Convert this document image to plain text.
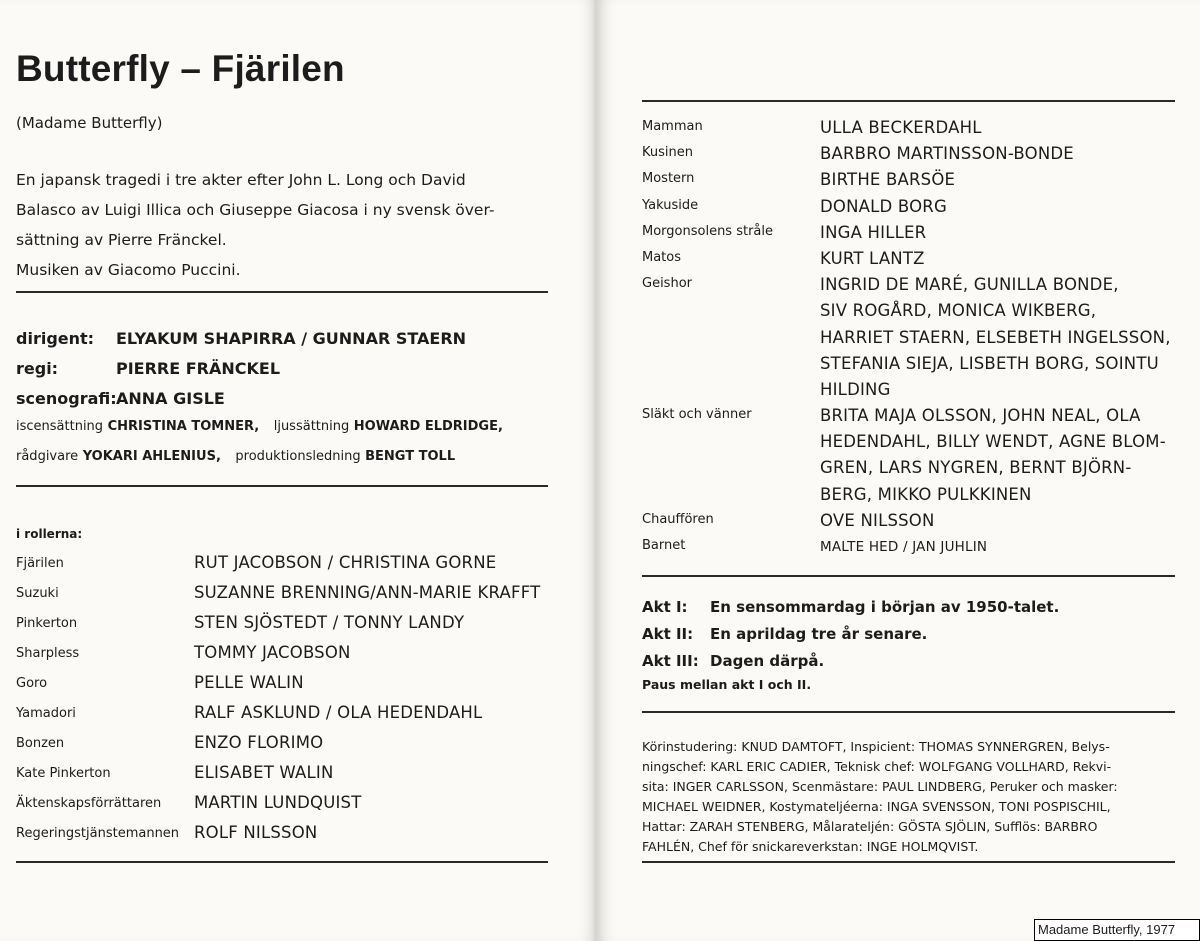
Butterfly – Fjärilen
(Madame Butterfly)
En japansk tragedi i tre akter efter John L. Long och David
Balasco av Luigi Illica och Giuseppe Giacosa i ny svensk över-
sättning av Pierre Fränckel.
Musiken av Giacomo Puccini.
dirigent: ELYAKUM SHAPIRRA / GUNNAR STAERN
regi:	PIERRE FRÄNCKEL
scenografi:ANNA GISLE
iscensättning CHRISTINA TOMNER, ljussättning HOWARD ELDRIDGE,
rådgivare YOKARI AHLENIUS, produktionsledning BENGT TOLL
i rollerna:
Fjärilen	RUT JACOBSON / CHRISTINA GORNE
Suzuki	SUZANNE BRENNING/ANN-MARIE KRAFFT
Pinkerton	STEN SJÖSTEDT / TONNY LANDY
Sharpless	TOMMY JACOBSON
Goro	PELLE WALIN
Yamadori	RALF ASKLUND / OLA HEDENDAHL
Bonzen	ENZO FLORIMO
Kate Pinkerton	ELISABET WALIN
Äktenskapsförrättaren MARTIN LUNDQUIST
Regeringstjänstemannen ROLF NILSSON
Mamman	ULLA BECKERDAHL
Kusinen	BARBRO MARTINSSON-BONDE
Mostern	BIRTHE BARSÖE
Yakuside	DONALD BORG
Morgonsolens stråle	INGA HILLER
Matos	KURT LANTZ
Geishor	INGRID DE MARÉ, GUNILLA BONDE,
SIV ROGÅRD, MONICA WIKBERG,
HARRIET STAERN, ELSEBETH INGELSSON,
STEFANIA SIEJA, LISBETH BORG, SOINTU
HILDING
Släkt och vänner	BRITA MAJA OLSSON, JOHN NEAL, OLA
HEDENDAHL, BILLY WENDT, AGNE BLOM-
GREN, LARS NYGREN, BERNT BJÖRN-
BERG, MIKKO PULKKINEN
Chauffören	OVE NILSSON
Barnet	MALTE HED / JAN JUHLIN
Akt I: En sensommardag i början av 1950-talet.
Akt II: En aprildag tre år senare.
Akt III: Dagen därpå.
Paus mellan akt I och II.
Körinstudering: KNUD DAMTOFT, Inspicient: THOMAS SYNNERGREN, Belys-
ningschef: KARL ERIC CADIER, Teknisk chef: WOLFGANG VOLLHARD, Rekvi-
sita: INGER CARLSSON, Scenmästare: PAUL LINDBERG, Peruker och masker:
MICHAEL WEIDNER, Kostymateljéerna: INGA SVENSSON, TONI POSPISCHIL,
Hattar: ZARAH STENBERG, Målarateljén: GÖSTA SJÖLIN, Sufflös: BARBRO
FAHLÉN, Chef för snickareverkstan: INGE HOLMQVIST.
Madame Butterfly, 1977
